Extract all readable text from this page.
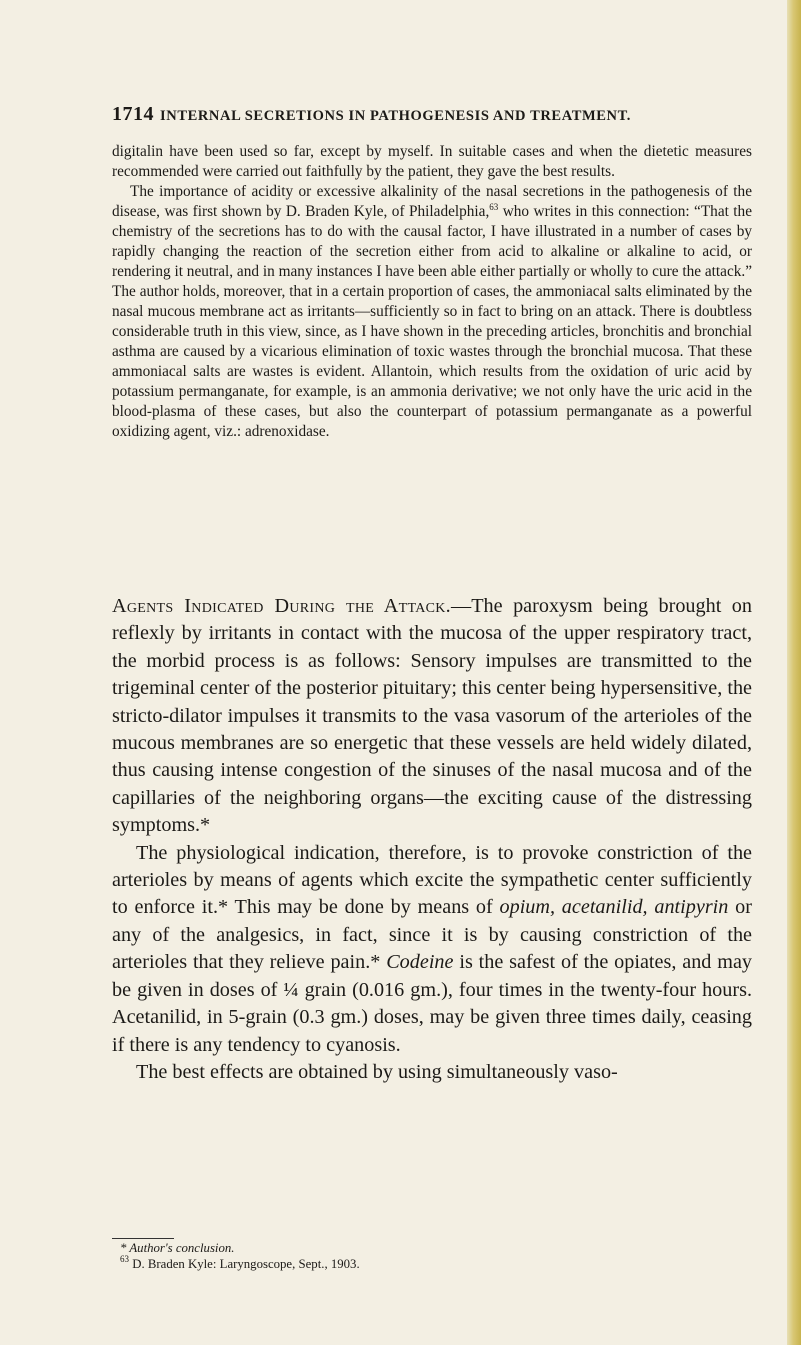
1714 INTERNAL SECRETIONS IN PATHOGENESIS AND TREATMENT.

digitalin have been used so far, except by myself. In suitable cases and when the dietetic measures recommended were carried out faithfully by the patient, they gave the best results.

The importance of acidity or excessive alkalinity of the nasal secretions in the pathogenesis of the disease, was first shown by D. Braden Kyle, of Philadelphia,$^{63}$ who writes in this connection: “That the chemistry of the secretions has to do with the causal factor, I have illustrated in a number of cases by rapidly changing the reaction of the secretion either from acid to alkaline or alkaline to acid, or rendering it neutral, and in many instances I have been able either partially or wholly to cure the attack.” The author holds, moreover, that in a certain proportion of cases, the ammoniacal salts eliminated by the nasal mucous membrane act as irritants—sufficiently so in fact to bring on an attack. There is doubtless considerable truth in this view, since, as I have shown in the preceding articles, bronchitis and bronchial asthma are caused by a vicarious elimination of toxic wastes through the bronchial mucosa. That these ammoniacal salts are wastes is evident. Allantoin, which results from the oxidation of uric acid by potassium permanganate, for example, is an ammonia derivative; we not only have the uric acid in the blood-plasma of these cases, but also the counterpart of potassium permanganate as a powerful oxidizing agent, viz.: adrenoxidase.

Agents Indicated During the Attack.—The paroxysm being brought on reflexly by irritants in contact with the mucosa of the upper respiratory tract, the morbid process is as follows: Sensory impulses are transmitted to the trigeminal center of the posterior pituitary; this center being hypersensitive, the stricto-dilator impulses it transmits to the vasa vasorum of the arterioles of the mucous membranes are so energetic that these vessels are held widely dilated, thus causing intense congestion of the sinuses of the nasal mucosa and of the capillaries of the neighboring organs—the exciting cause of the distressing symptoms.*

The physiological indication, therefore, is to provoke constriction of the arterioles by means of agents which excite the sympathetic center sufficiently to enforce it.* This may be done by means of opium, acetanilid, antipyrin or any of the analgesics, in fact, since it is by causing constriction of the arterioles that they relieve pain.* Codeine is the safest of the opiates, and may be given in doses of ¼ grain (0.016 gm.), four times in the twenty-four hours. Acetanilid, in 5-grain (0.3 gm.) doses, may be given three times daily, ceasing if there is any tendency to cyanosis.

The best effects are obtained by using simultaneously vaso-

* Author's conclusion.
$^{63}$ D. Braden Kyle: Laryngoscope, Sept., 1903.
